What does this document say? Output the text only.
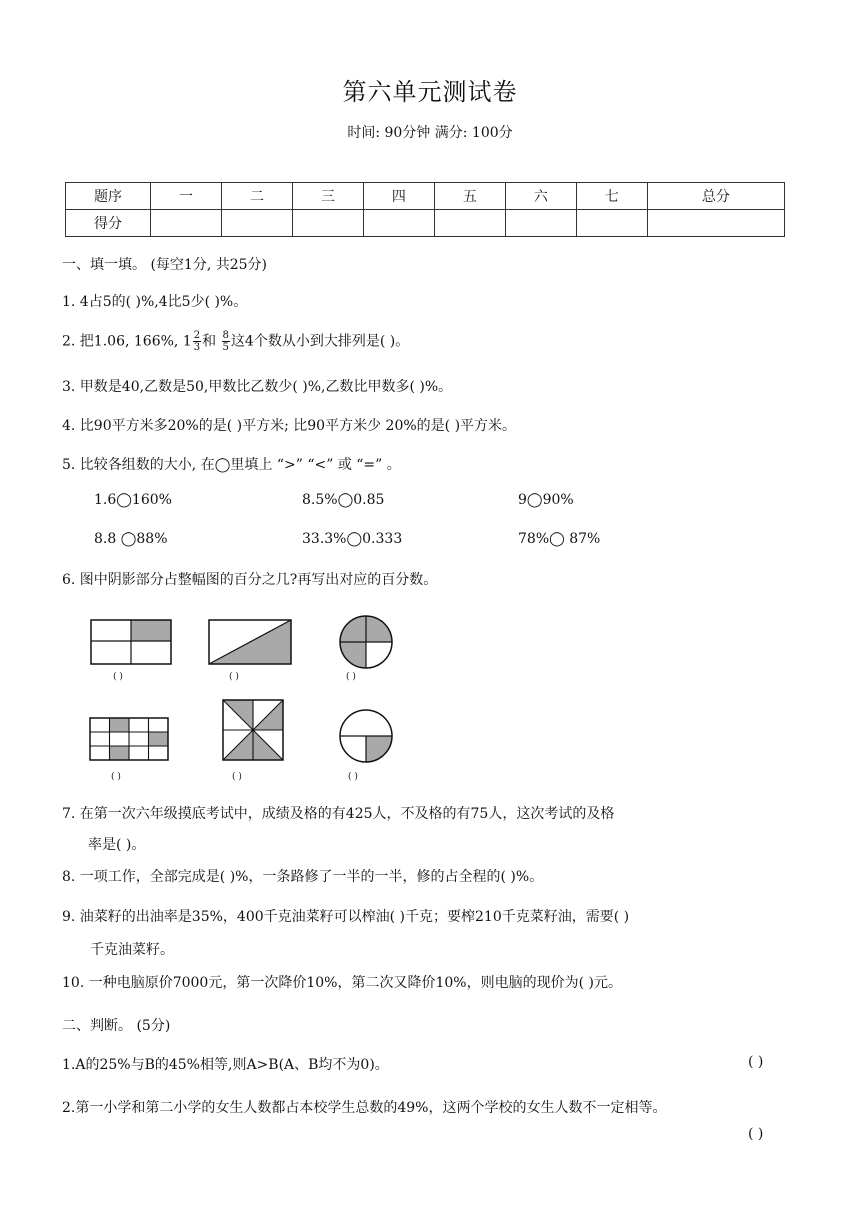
第六单元测试卷
时间: 90分钟 满分: 100分
题序	一	二	三	四	五	六	七	总分
得分								
一、填一填。 (每空1分, 共25分)
1. 4占5的( )%,4比5少( )%。
2. 把1.06, 166%, $1 \frac{2}{3}$ 和 $\frac{8}{5}$ 这4个数从小到大排列是( )。
3. 甲数是40,乙数是50,甲数比乙数少( )%,乙数比甲数多( )%。
4. 比90平方米多20%的是( )平方米; 比90平方米少 20%的是( )平方米。
5. 比较各组数的大小, 在◯里填上 “>” “<” 或 “=” 。
1.6◯160%	8.5%◯0.85	9◯90%
8.8 ◯88%	33.3%◯0.333	78%◯ 87%
6. 图中阴影部分占整幅图的百分之几?再写出对应的百分数。
( )	( )	( )
( )	( )	( )
7. 在第一次六年级摸底考试中，成绩及格的有425人，不及格的有75人，这次考试的及格
率是( )。
8. 一项工作，全部完成是( )%，一条路修了一半的一半，修的占全程的( )%。
9. 油菜籽的出油率是35%，400千克油菜籽可以榨油( )千克；要榨210千克菜籽油，需要( )
千克油菜籽。
10. 一种电脑原价7000元，第一次降价10%，第二次又降价10%，则电脑的现价为( )元。
二、判断。 (5分)
1.A的25%与B的45%相等,则A>B(A、B均不为0)。	( )
2.第一小学和第二小学的女生人数都占本校学生总数的49%，这两个学校的女生人数不一定相等。
( )
